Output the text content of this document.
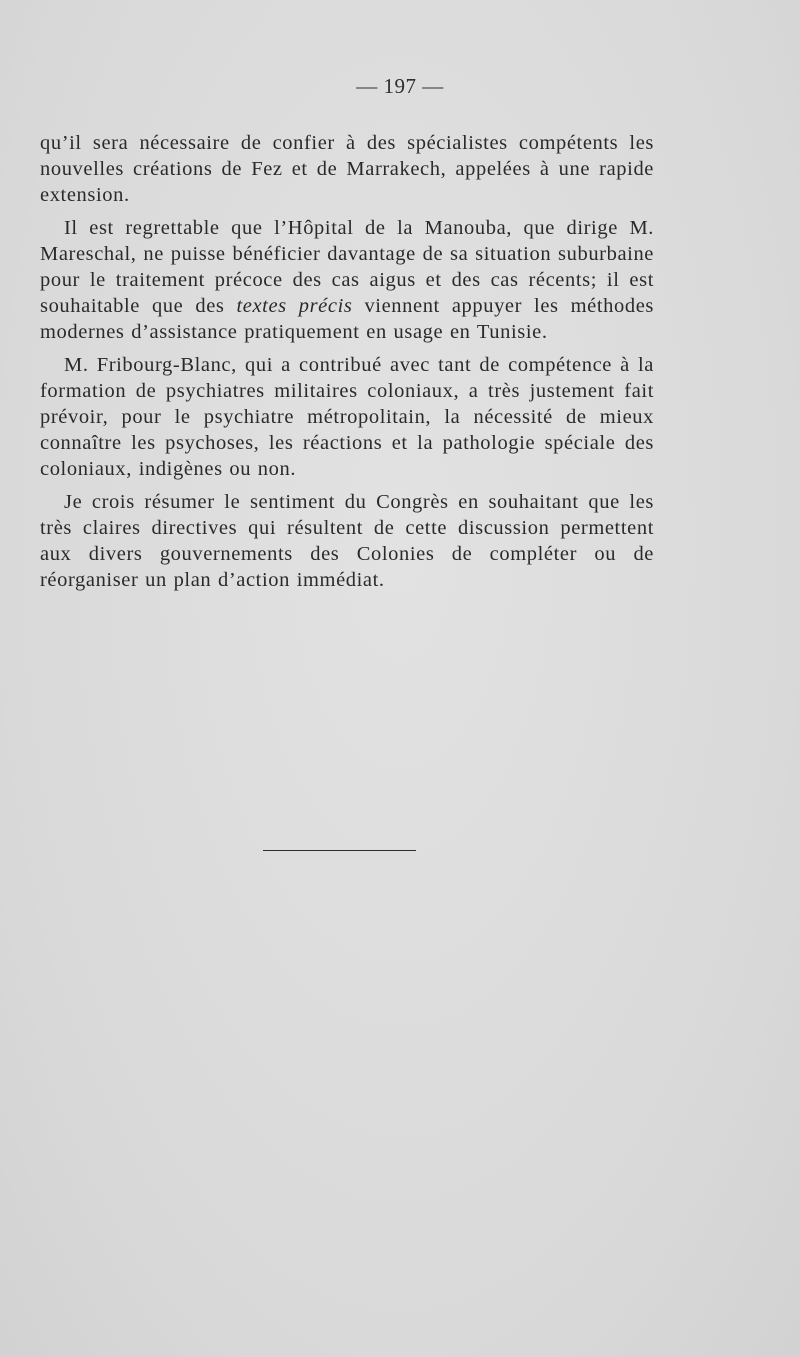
— 197 —

qu’il sera nécessaire de confier à des spécialistes compétents les nouvelles créations de Fez et de Marrakech, appelées à une rapide extension.

Il est regrettable que l’Hôpital de la Manouba, que dirige M. Mareschal, ne puisse bénéficier davantage de sa situation suburbaine pour le traitement précoce des cas aigus et des cas récents; il est souhaitable que des textes précis viennent appuyer les méthodes modernes d’assistance pratiquement en usage en Tunisie.

M. Fribourg-Blanc, qui a contribué avec tant de compétence à la formation de psychiatres militaires coloniaux, a très justement fait prévoir, pour le psychiatre métropolitain, la nécessité de mieux connaître les psychoses, les réactions et la pathologie spéciale des coloniaux, indigènes ou non.

Je crois résumer le sentiment du Congrès en souhaitant que les très claires directives qui résultent de cette discussion permettent aux divers gouvernements des Colonies de compléter ou de réorganiser un plan d’action immédiat.
